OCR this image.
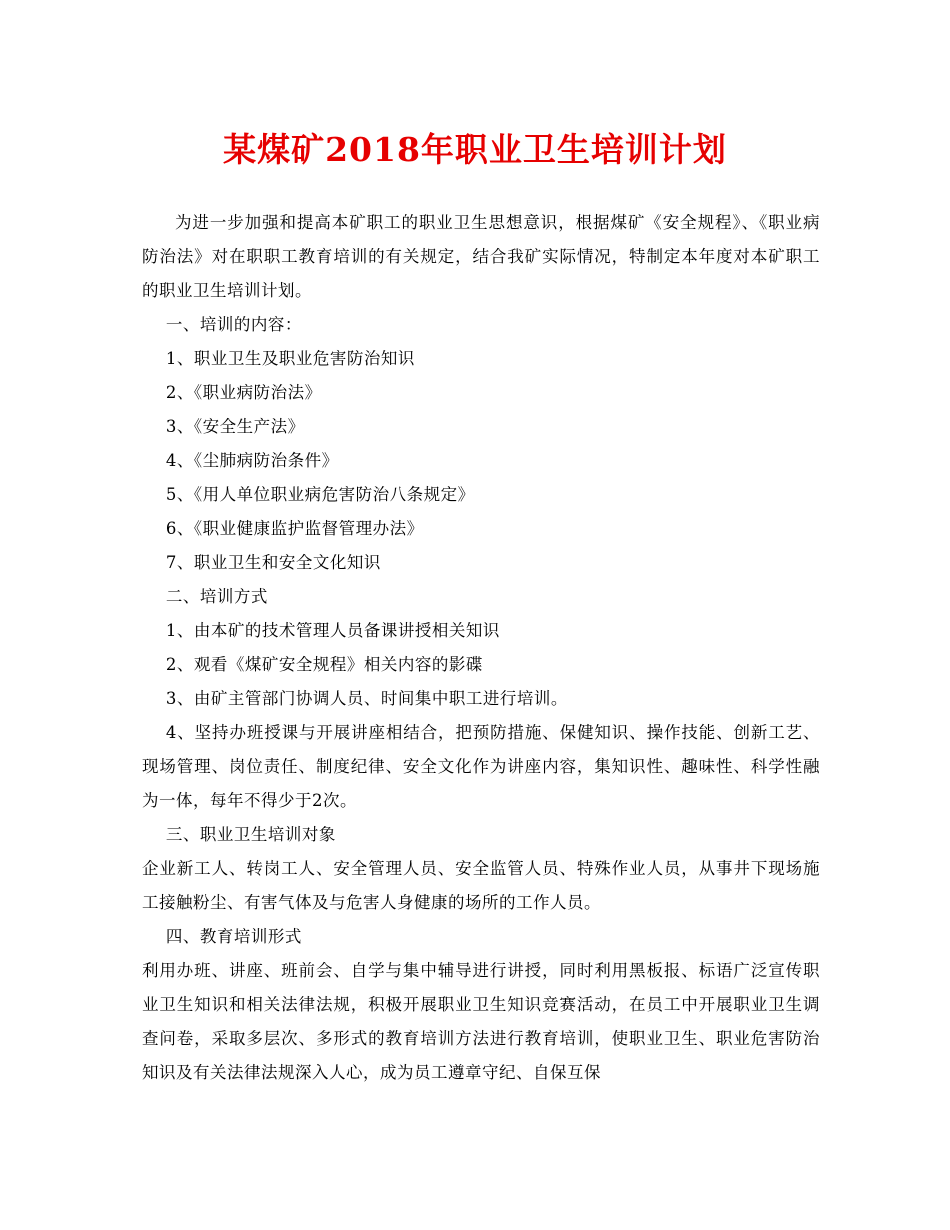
某煤矿2018年职业卫生培训计划

为进一步加强和提高本矿职工的职业卫生思想意识，根据煤矿《安全规程》、《职业病防治法》对在职职工教育培训的有关规定，结合我矿实际情况，特制定本年度对本矿职工的职业卫生培训计划。

一、培训的内容：

1、职业卫生及职业危害防治知识

2、《职业病防治法》

3、《安全生产法》

4、《尘肺病防治条件》

5、《用人单位职业病危害防治八条规定》

6、《职业健康监护监督管理办法》

7、职业卫生和安全文化知识

二、培训方式

1、由本矿的技术管理人员备课讲授相关知识

2、观看《煤矿安全规程》相关内容的影碟

3、由矿主管部门协调人员、时间集中职工进行培训。

4、坚持办班授课与开展讲座相结合，把预防措施、保健知识、操作技能、创新工艺、现场管理、岗位责任、制度纪律、安全文化作为讲座内容，集知识性、趣味性、科学性融为一体，每年不得少于2次。

三、职业卫生培训对象

企业新工人、转岗工人、安全管理人员、安全监管人员、特殊作业人员，从事井下现场施工接触粉尘、有害气体及与危害人身健康的场所的工作人员。

四、教育培训形式

利用办班、讲座、班前会、自学与集中辅导进行讲授，同时利用黑板报、标语广泛宣传职业卫生知识和相关法律法规，积极开展职业卫生知识竞赛活动，在员工中开展职业卫生调查问卷，采取多层次、多形式的教育培训方法进行教育培训，使职业卫生、职业危害防治知识及有关法律法规深入人心，成为员工遵章守纪、自保互保
